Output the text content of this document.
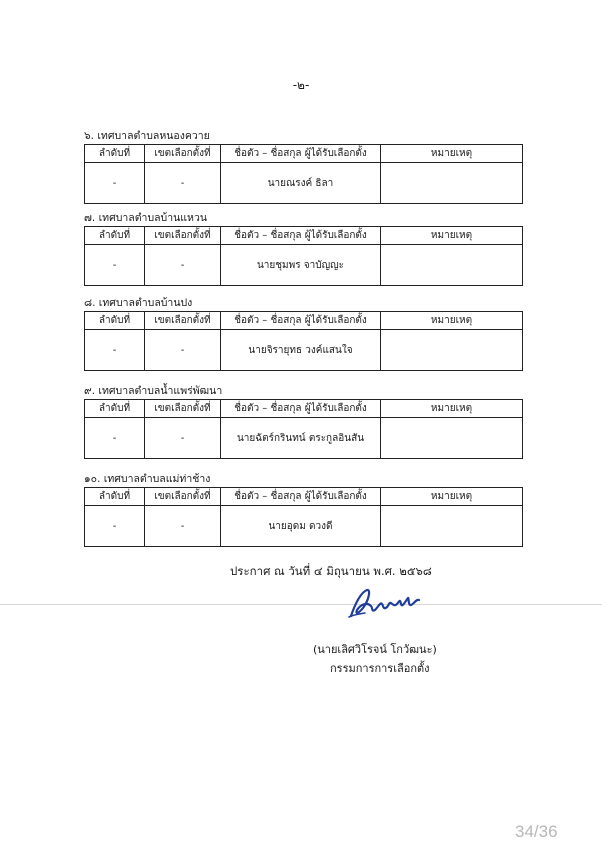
-๒-
๖. เทศบาลตำบลหนองควาย
ลำดับที่	เขตเลือกตั้งที่	ชื่อตัว – ชื่อสกุล ผู้ได้รับเลือกตั้ง	หมายเหตุ
-	-	นายณรงค์ ธิลา	
๗. เทศบาลตำบลบ้านแหวน
ลำดับที่	เขตเลือกตั้งที่	ชื่อตัว – ชื่อสกุล ผู้ได้รับเลือกตั้ง	หมายเหตุ
-	-	นายชุมพร จาบัญญะ	
๘. เทศบาลตำบลบ้านปง
ลำดับที่	เขตเลือกตั้งที่	ชื่อตัว – ชื่อสกุล ผู้ได้รับเลือกตั้ง	หมายเหตุ
-	-	นายจิรายุทธ วงค์แสนใจ	
๙. เทศบาลตำบลน้ำแพร่พัฒนา
ลำดับที่	เขตเลือกตั้งที่	ชื่อตัว – ชื่อสกุล ผู้ได้รับเลือกตั้ง	หมายเหตุ
-	-	นายฉัตร์กรินทน์ ตระกูลอินสัน	
๑๐. เทศบาลตำบลแม่ท่าช้าง
ลำดับที่	เขตเลือกตั้งที่	ชื่อตัว – ชื่อสกุล ผู้ได้รับเลือกตั้ง	หมายเหตุ
-	-	นายอุดม ดวงดี	
ประกาศ ณ วันที่ ๔ มิถุนายน พ.ศ. ๒๕๖๘
(นายเลิศวิโรจน์ โกวัฒนะ)
กรรมการการเลือกตั้ง
34/36
